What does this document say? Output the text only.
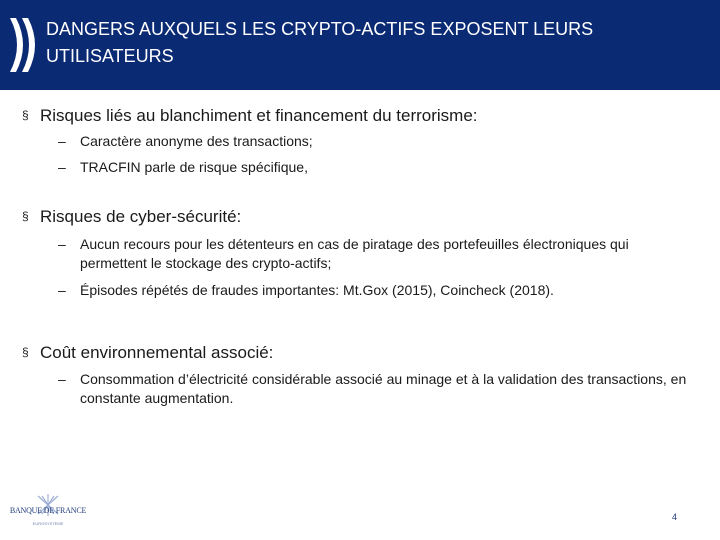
DANGERS AUXQUELS LES CRYPTO-ACTIFS EXPOSENT LEURS
UTILISATEURS
§ Risques liés au blanchiment et financement du terrorisme:
– Caractère anonyme des transactions;
– TRACFIN parle de risque spécifique,
§ Risques de cyber-sécurité:
– Aucun recours pour les détenteurs en cas de piratage des portefeuilles électroniques qui permettent le stockage des crypto-actifs;
– Épisodes répétés de fraudes importantes: Mt.Gox (2015), Coincheck (2018).
§ Coût environnemental associé:
– Consommation d’électricité considérable associé au minage et à la validation des transactions, en constante augmentation.
BANQUE DE FRANCE
EUROSYSTÈME
4
